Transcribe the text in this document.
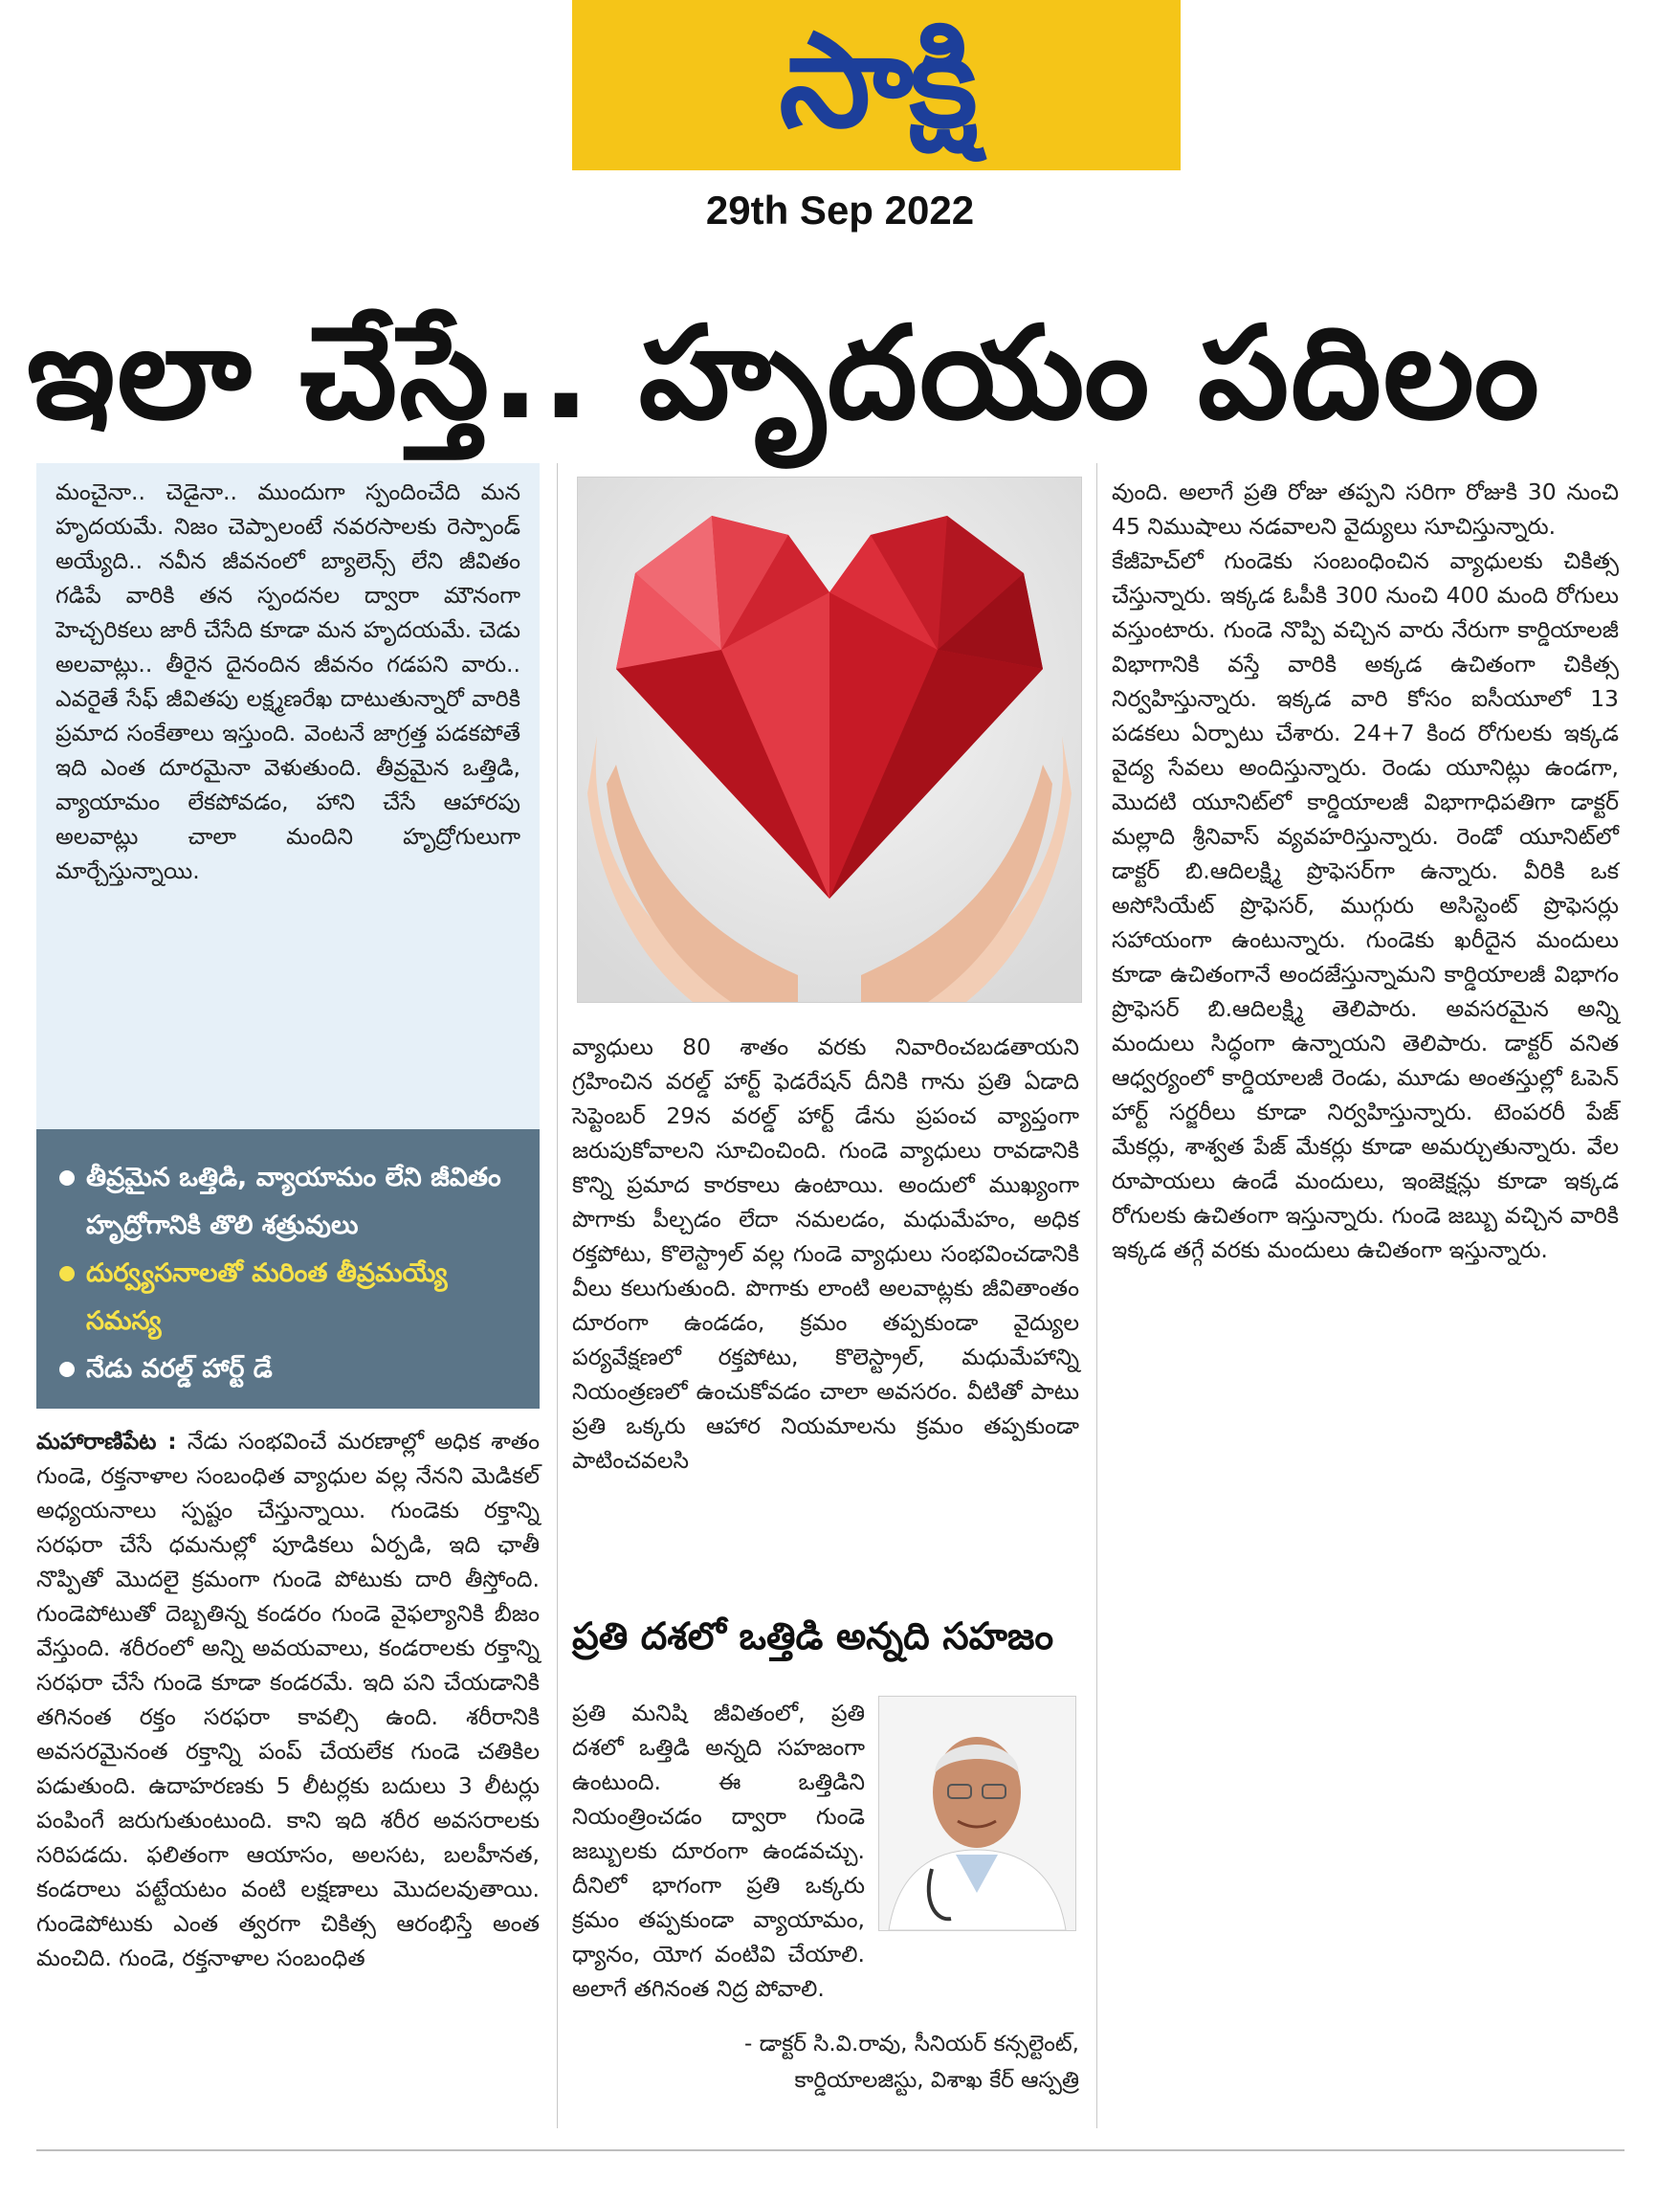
సాక్షి
29th Sep 2022
ఇలా చేస్తే.. హృదయం పదిలం

మంచైనా.. చెడైనా.. ముందుగా స్పందించేది మన హృదయమే. నిజం చెప్పాలంటే నవరసాలకు రెస్పాండ్ అయ్యేది.. నవీన జీవనంలో బ్యాలెన్స్ లేని జీవితం గడిపే వారికి తన స్పందనల ద్వారా మౌనంగా హెచ్చరికలు జారీ చేసేది కూడా మన హృదయమే. చెడు అలవాట్లు.. తీరైన దైనందిన జీవనం గడపని వారు.. ఎవరైతే సేఫ్ జీవితపు లక్ష్మణరేఖ దాటుతున్నారో వారికి ప్రమాద సంకేతాలు ఇస్తుంది. వెంటనే జాగ్రత్త పడకపోతే ఇది ఎంత దూరమైనా వెళుతుంది. తీవ్రమైన ఒత్తిడి, వ్యాయామం లేకపోవడం, హాని చేసే ఆహారపు అలవాట్లు చాలా మందిని హృద్రోగులుగా మార్చేస్తున్నాయి.

తీవ్రమైన ఒత్తిడి, వ్యాయామం లేని జీవితం హృద్రోగానికి తొలి శత్రువులు
దుర్వ్యసనాలతో మరింత తీవ్రమయ్యే సమస్య
నేడు వరల్డ్ హార్ట్ డే

మహారాణిపేట : నేడు సంభవించే మరణాల్లో అధిక శాతం గుండె, రక్తనాళాల సంబంధిత వ్యాధుల వల్ల నేనని మెడికల్ అధ్యయనాలు స్పష్టం చేస్తున్నాయి. గుండెకు రక్తాన్ని సరఫరా చేసే ధమనుల్లో పూడికలు ఏర్పడి, ఇది ఛాతీ నొప్పితో మొదలై క్రమంగా గుండె పోటుకు దారి తీస్తోంది. గుండెపోటుతో దెబ్బతిన్న కండరం గుండె వైఫల్యానికి బీజం వేస్తుంది. శరీరంలో అన్ని అవయవాలు, కండరాలకు రక్తాన్ని సరఫరా చేసే గుండె కూడా కండరమే. ఇది పని చేయడానికి తగినంత రక్తం సరఫరా కావల్సి ఉంది. శరీరానికి అవసరమైనంత రక్తాన్ని పంప్ చేయలేక గుండె చతికిల పడుతుంది. ఉదాహరణకు 5 లీటర్లకు బదులు 3 లీటర్లు పంపింగే జరుగుతుంటుంది. కాని ఇది శరీర అవసరాలకు సరిపడదు. ఫలితంగా ఆయాసం, అలసట, బలహీనత, కండరాలు పట్టేయటం వంటి లక్షణాలు మొదలవుతాయి. గుండెపోటుకు ఎంత త్వరగా చికిత్స ఆరంభిస్తే అంత మంచిది. గుండె, రక్తనాళాల సంబంధిత

వ్యాధులు 80 శాతం వరకు నివారించబడతాయని గ్రహించిన వరల్డ్ హార్ట్ ఫెడరేషన్ దీనికి గాను ప్రతి ఏడాది సెప్టెంబర్ 29న వరల్డ్ హార్ట్ డేను ప్రపంచ వ్యాప్తంగా జరుపుకోవాలని సూచించింది. గుండె వ్యాధులు రావడానికి కొన్ని ప్రమాద కారకాలు ఉంటాయి. అందులో ముఖ్యంగా పొగాకు పీల్చడం లేదా నమలడం, మధుమేహం, అధిక రక్తపోటు, కొలెస్ట్రాల్ వల్ల గుండె వ్యాధులు సంభవించడానికి వీలు కలుగుతుంది. పొగాకు లాంటి అలవాట్లకు జీవితాంతం దూరంగా ఉండడం, క్రమం తప్పకుండా వైద్యుల పర్యవేక్షణలో రక్తపోటు, కొలెస్ట్రాల్, మధుమేహాన్ని నియంత్రణలో ఉంచుకోవడం చాలా అవసరం. వీటితో పాటు ప్రతి ఒక్కరు ఆహార నియమాలను క్రమం తప్పకుండా పాటించవలసి

ప్రతి దశలో ఒత్తిడి అన్నది సహజం

ప్రతి మనిషి జీవితంలో, ప్రతి దశలో ఒత్తిడి అన్నది సహజంగా ఉంటుంది. ఈ ఒత్తిడిని నియంత్రించడం ద్వారా గుండె జబ్బులకు దూరంగా ఉండవచ్చు. దీనిలో భాగంగా ప్రతి ఒక్కరు క్రమం తప్పకుండా వ్యాయామం, ధ్యానం, యోగ వంటివి చేయాలి. అలాగే తగినంత నిద్ర పోవాలి.

- డాక్టర్ సి.వి.రావు, సీనియర్ కన్సల్టెంట్,
కార్డియాలజిస్టు, విశాఖ కేర్ ఆస్పత్రి

వుంది. అలాగే ప్రతి రోజు తప్పని సరిగా రోజుకి 30 నుంచి 45 నిముషాలు నడవాలని వైద్యులు సూచిస్తున్నారు.
కేజీహెచ్‌లో గుండెకు సంబంధించిన వ్యాధులకు చికిత్స చేస్తున్నారు. ఇక్కడ ఓపీకి 300 నుంచి 400 మంది రోగులు వస్తుంటారు. గుండె నొప్పి వచ్చిన వారు నేరుగా కార్డియాలజీ విభాగానికి వస్తే వారికి అక్కడ ఉచితంగా చికిత్స నిర్వహిస్తున్నారు. ఇక్కడ వారి కోసం ఐసీయూలో 13 పడకలు ఏర్పాటు చేశారు. 24+7 కింద రోగులకు ఇక్కడ వైద్య సేవలు అందిస్తున్నారు. రెండు యూనిట్లు ఉండగా, మొదటి యూనిట్‌లో కార్డియాలజీ విభాగాధిపతిగా డాక్టర్ మల్లాది శ్రీనివాస్ వ్యవహరిస్తున్నారు. రెండో యూనిట్‌లో డాక్టర్ బి.ఆదిలక్ష్మి ప్రొఫెసర్‌గా ఉన్నారు. వీరికి ఒక అసోసియేట్ ప్రొఫెసర్, ముగ్గురు అసిస్టెంట్ ప్రొఫెసర్లు సహాయంగా ఉంటున్నారు. గుండెకు ఖరీదైన మందులు కూడా ఉచితంగానే అందజేస్తున్నామని కార్డియాలజీ విభాగం ప్రొఫెసర్ బి.ఆదిలక్ష్మి తెలిపారు. అవసరమైన అన్ని మందులు సిద్ధంగా ఉన్నాయని తెలిపారు. డాక్టర్ వనిత ఆధ్వర్యంలో కార్డియాలజీ రెండు, మూడు అంతస్తుల్లో ఓపెన్ హార్ట్ సర్జరీలు కూడా నిర్వహిస్తున్నారు. టెంపరరీ పేజ్ మేకర్లు, శాశ్వత పేజ్ మేకర్లు కూడా అమర్చుతున్నారు. వేల రూపాయలు ఉండే మందులు, ఇంజెక్షన్లు కూడా ఇక్కడ రోగులకు ఉచితంగా ఇస్తున్నారు. గుండె జబ్బు వచ్చిన వారికి ఇక్కడ తగ్గే వరకు మందులు ఉచితంగా ఇస్తున్నారు.
